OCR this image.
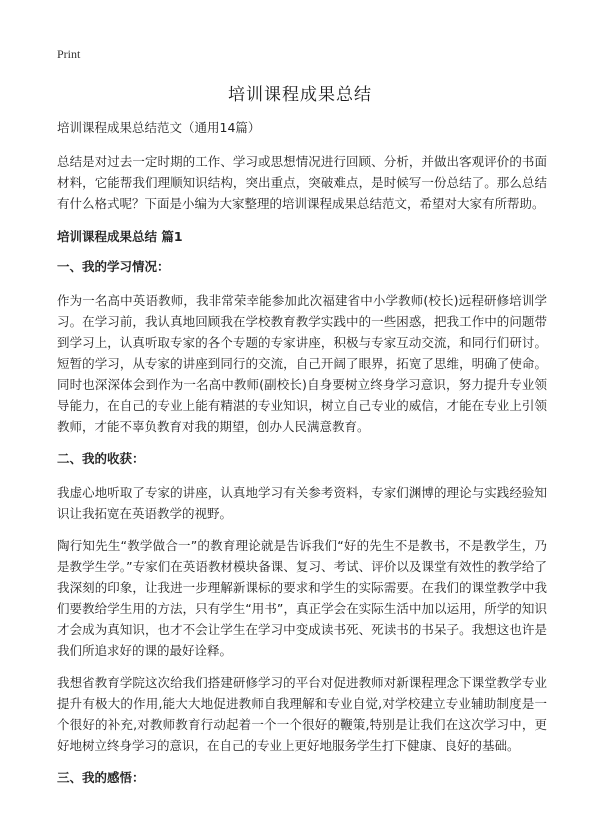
Print
培训课程成果总结

培训课程成果总结范文（通用14篇）

总结是对过去一定时期的工作、学习或思想情况进行回顾、分析，并做出客观评价的书面材料，它能帮我们理顺知识结构，突出重点，突破难点，是时候写一份总结了。那么总结有什么格式呢？下面是小编为大家整理的培训课程成果总结范文，希望对大家有所帮助。

培训课程成果总结 篇1

一、我的学习情况：

作为一名高中英语教师，我非常荣幸能参加此次福建省中小学教师(校长)远程研修培训学习。在学习前，我认真地回顾我在学校教育教学实践中的一些困惑，把我工作中的问题带到学习上，认真听取专家的各个专题的专家讲座，积极与专家互动交流，和同行们研讨。短暂的学习，从专家的讲座到同行的交流，自己开阔了眼界，拓宽了思维，明确了使命。同时也深深体会到作为一名高中教师(副校长)自身要树立终身学习意识，努力提升专业领导能力，在自己的专业上能有精湛的专业知识，树立自己专业的威信，才能在专业上引领教师，才能不辜负教育对我的期望，创办人民满意教育。

二、我的收获：

我虚心地听取了专家的讲座，认真地学习有关参考资料，专家们渊博的理论与实践经验知识让我拓宽在英语教学的视野。

陶行知先生“教学做合一”的教育理论就是告诉我们“好的先生不是教书，不是教学生，乃是教学生学。”专家们在英语教材模块备课、复习、考试、评价以及课堂有效性的教学给了我深刻的印象，让我进一步理解新课标的要求和学生的实际需要。在我们的课堂教学中我们要教给学生用的方法，只有学生“用书”，真正学会在实际生活中加以运用，所学的知识才会成为真知识，也才不会让学生在学习中变成读书死、死读书的书呆子。我想这也许是我们所追求好的课的最好诠释。

我想省教育学院这次给我们搭建研修学习的平台对促进教师对新课程理念下课堂教学专业提升有极大的作用,能大大地促进教师自我理解和专业自觉,对学校建立专业辅助制度是一个很好的补充,对教师教育行动起着一个一个很好的鞭策,特别是让我们在这次学习中，更好地树立终身学习的意识，在自己的专业上更好地服务学生打下健康、良好的基础。

三、我的感悟：
